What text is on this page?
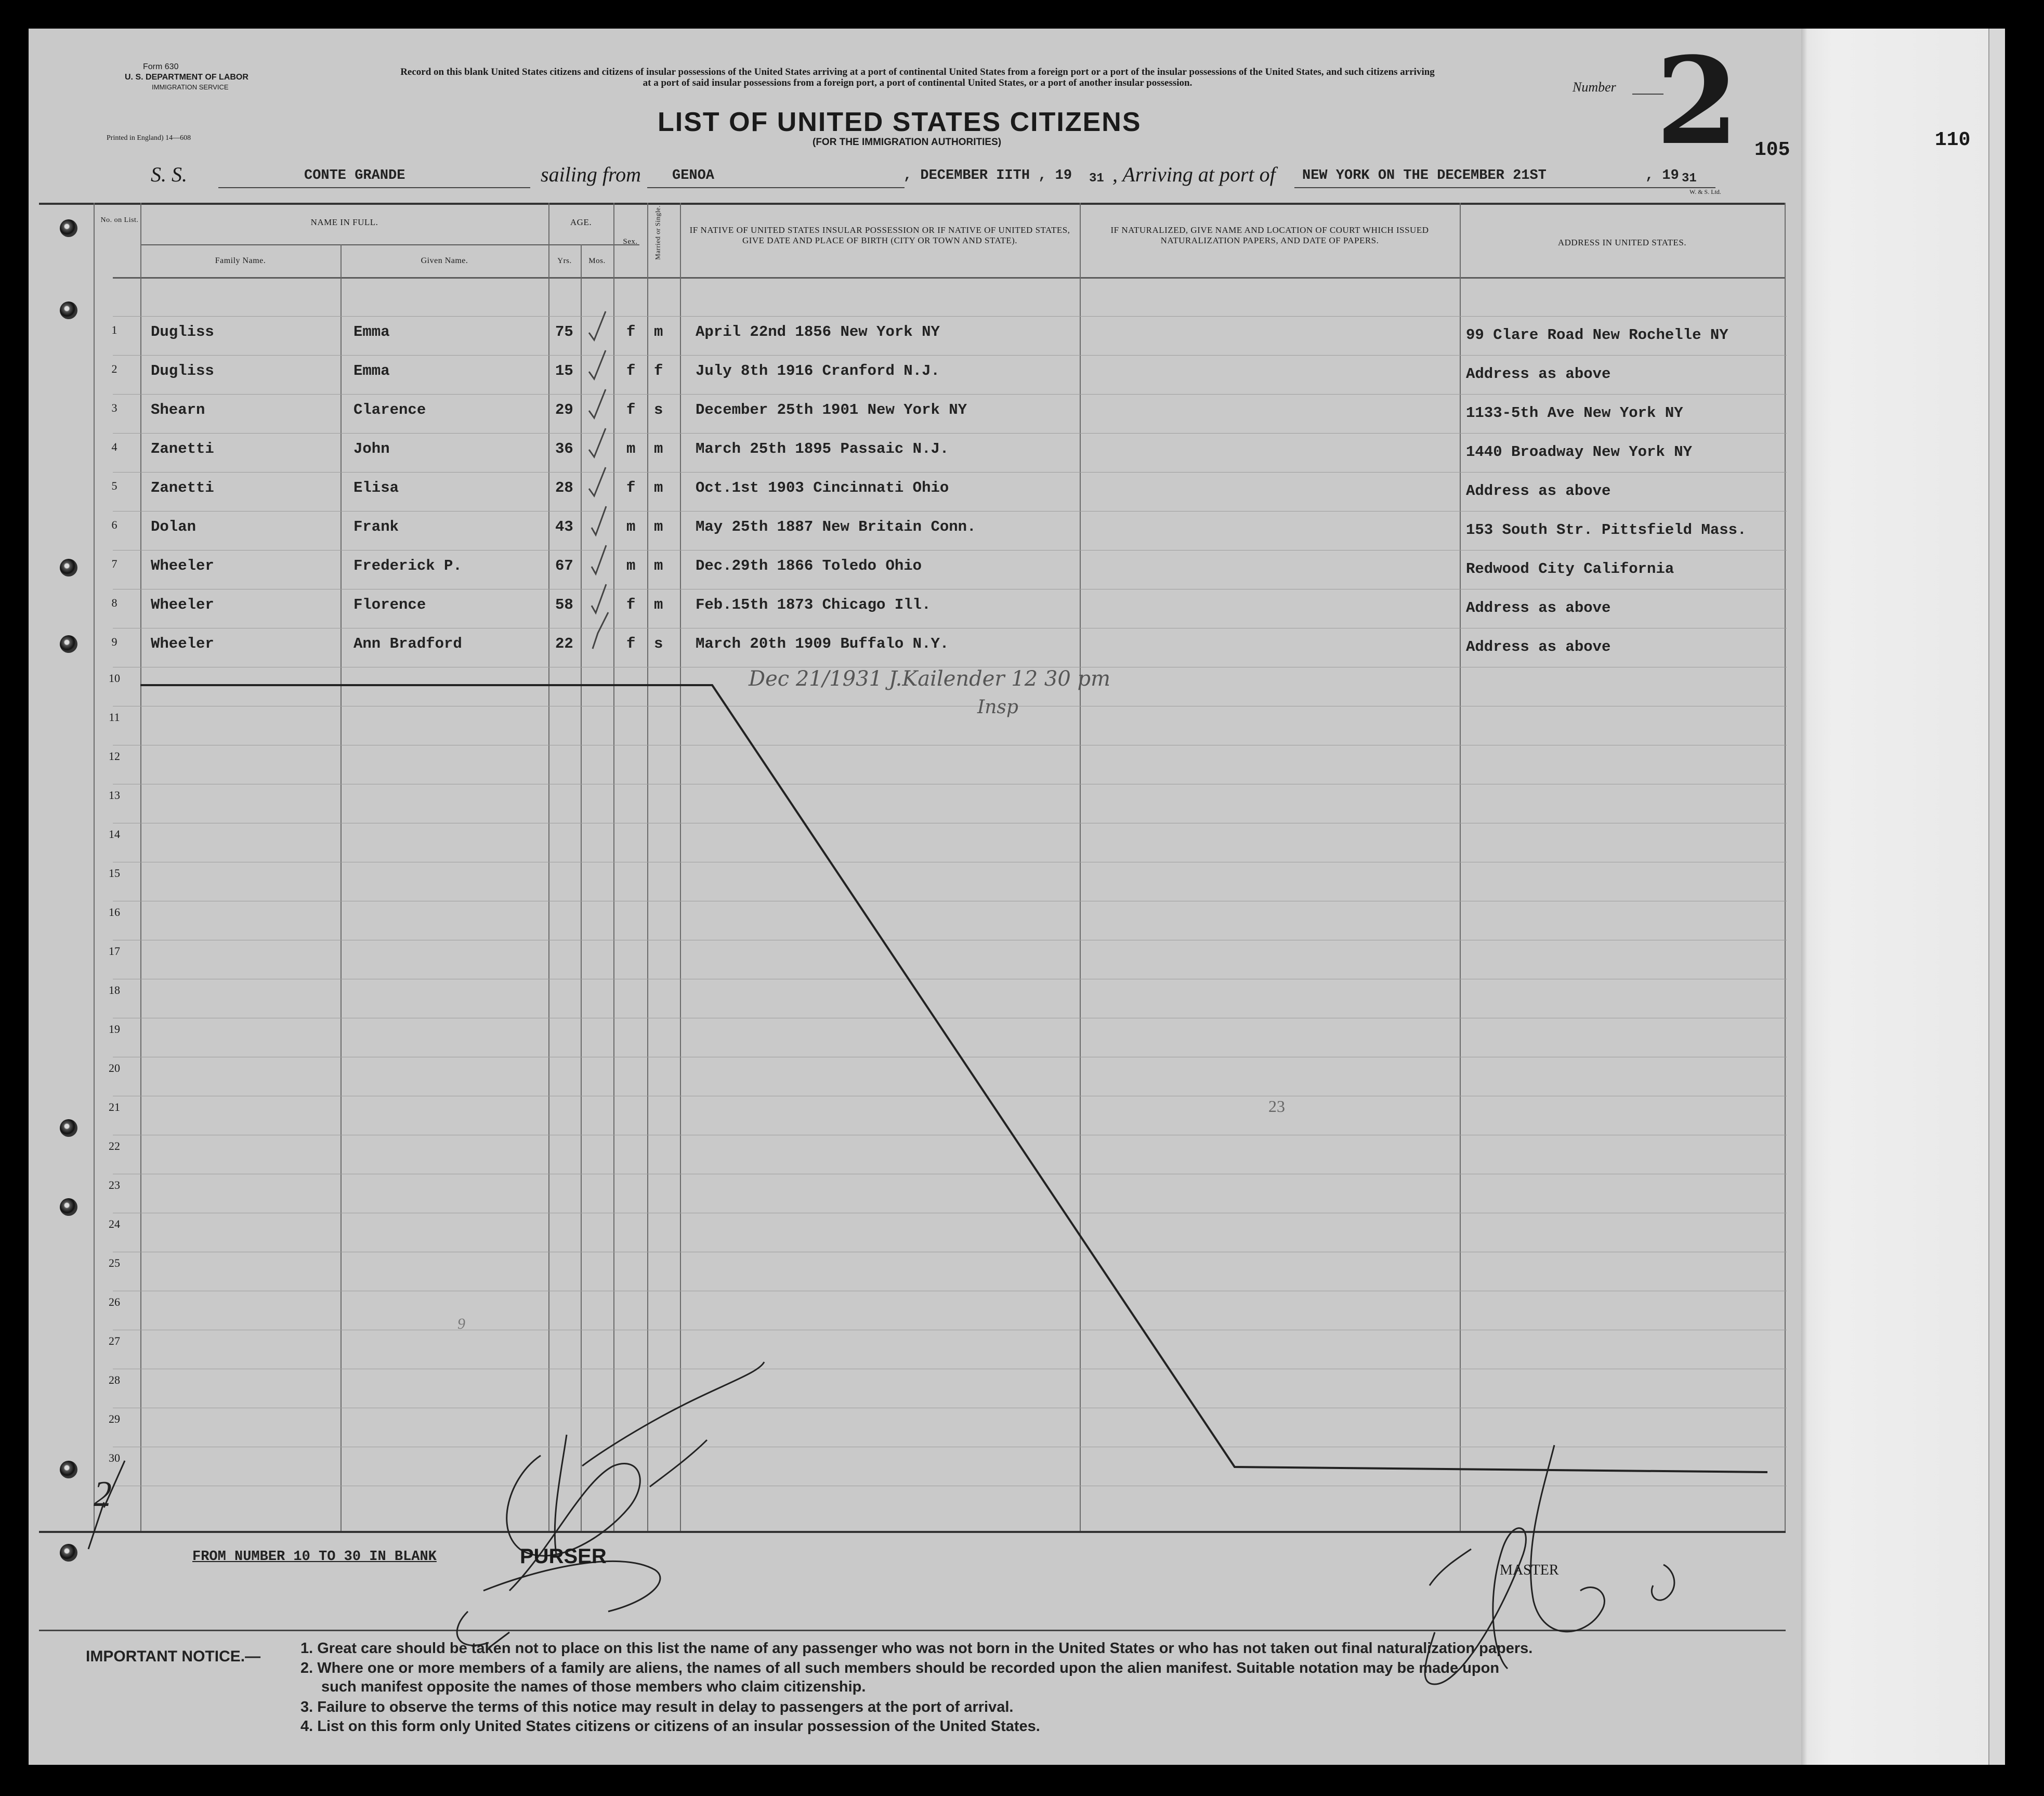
Form 630
U. S. DEPARTMENT OF LABOR
IMMIGRATION SERVICE
Printed in England) 14—608
Record on this blank United States citizens and citizens of insular possessions of the United States arriving at a port of continental United States from a foreign port or a port of the insular possessions of the United States, and such citizens arriving at a port of said insular possessions from a foreign port, a port of continental United States, or a port of another insular possession.
LIST OF UNITED STATES CITIZENS
(FOR THE IMMIGRATION AUTHORITIES)
Number 2 105	110
S. S.	CONTE GRANDE	sailing from GENOA	, DECEMBER IITH , 19 31 , Arriving at port of NEW YORK ON THE DECEMBER 21ST	, 19 31
W. & S. Ltd.
No. on List.	NAME IN FULL.
Family Name.	Given Name.
AGE.
Yrs.	Mos.
Sex.	Married or Single.	IF NATIVE OF UNITED STATES INSULAR POSSESSION OR IF NATIVE OF UNITED STATES, GIVE DATE AND PLACE OF BIRTH (CITY OR TOWN AND STATE).
IF NATURALIZED, GIVE NAME AND LOCATION OF COURT WHICH ISSUED NATURALIZATION PAPERS, AND DATE OF PAPERS.	ADDRESS IN UNITED STATES.
1	Dugliss	Emma	75	f m April 22nd 1856 New York NY	99 Clare Road New Rochelle NY
2	Dugliss	Emma	15	f f July 8th 1916 Cranford N.J.	Address as above
3	Shearn	Clarence	29	f s December 25th 1901 New York NY	1133-5th Ave New York NY
4	Zanetti	John	36	m m March 25th 1895 Passaic N.J.	1440 Broadway New York NY
5	Zanetti	Elisa	28	f m Oct.1st 1903 Cincinnati Ohio	Address as above
6	Dolan	Frank	43	m m May 25th 1887 New Britain Conn.	153 South Str. Pittsfield Mass.
7	Wheeler	Frederick P.	67	m m Dec.29th 1866 Toledo Ohio	Redwood City California
8	Wheeler	Florence	58	f m Feb.15th 1873 Chicago Ill.	Address as above
9	Wheeler	Ann Bradford	22	f s March 20th 1909 Buffalo N.Y.	Address as above
10
11
12
13
14
15
16
17
18
19
20
21
22
23
24
25
26
27
28
29
30
Dec 21/1931 J.Kailender 12 30 pm
Insp
23
9
2
FROM NUMBER 10 TO 30 IN BLANK	PURSER
MASTER
IMPORTANT NOTICE.—	1. Great care should be taken not to place on this list the name of any passenger who was not born in the United States or who has not taken out final naturalization papers.
2. Where one or more members of a family are aliens, the names of all such members should be recorded upon the alien manifest. Suitable notation may be made upon
such manifest opposite the names of those members who claim citizenship.
3. Failure to observe the terms of this notice may result in delay to passengers at the port of arrival.
4. List on this form only United States citizens or citizens of an insular possession of the United States.
